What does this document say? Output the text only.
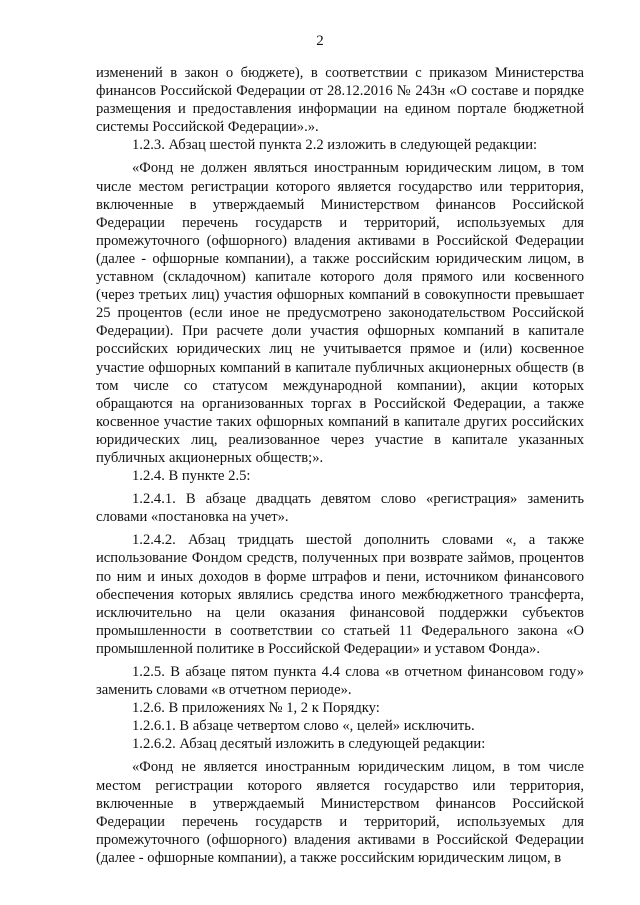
2

изменений в закон о бюджете), в соответствии с приказом Министерства финансов Российской Федерации от 28.12.2016 № 243н «О составе и порядке размещения и предоставления информации на едином портале бюджетной системы Российской Федерации».».

1.2.3. Абзац шестой пункта 2.2 изложить в следующей редакции:

«Фонд не должен являться иностранным юридическим лицом, в том числе местом регистрации которого является государство или территория, включенные в утверждаемый Министерством финансов Российской Федерации перечень государств и территорий, используемых для промежуточного (офшорного) владения активами в Российской Федерации (далее - офшорные компании), а также российским юридическим лицом, в уставном (складочном) капитале которого доля прямого или косвенного (через третьих лиц) участия офшорных компаний в совокупности превышает 25 процентов (если иное не предусмотрено законодательством Российской Федерации). При расчете доли участия офшорных компаний в капитале российских юридических лиц не учитывается прямое и (или) косвенное участие офшорных компаний в капитале публичных акционерных обществ (в том числе со статусом международной компании), акции которых обращаются на организованных торгах в Российской Федерации, а также косвенное участие таких офшорных компаний в капитале других российских юридических лиц, реализованное через участие в капитале указанных публичных акционерных обществ;».

1.2.4. В пункте 2.5:

1.2.4.1. В абзаце двадцать девятом слово «регистрация» заменить словами «постановка на учет».

1.2.4.2. Абзац тридцать шестой дополнить словами «, а также использование Фондом средств, полученных при возврате займов, процентов по ним и иных доходов в форме штрафов и пени, источником финансового обеспечения которых являлись средства иного межбюджетного трансферта, исключительно на цели оказания финансовой поддержки субъектов промышленности в соответствии со статьей 11 Федерального закона «О промышленной политике в Российской Федерации» и уставом Фонда».

1.2.5. В абзаце пятом пункта 4.4 слова «в отчетном финансовом году» заменить словами «в отчетном периоде».

1.2.6. В приложениях № 1, 2 к Порядку:

1.2.6.1. В абзаце четвертом слово «, целей» исключить.

1.2.6.2. Абзац десятый изложить в следующей редакции:

«Фонд не является иностранным юридическим лицом, в том числе местом регистрации которого является государство или территория, включенные в утверждаемый Министерством финансов Российской Федерации перечень государств и территорий, используемых для промежуточного (офшорного) владения активами в Российской Федерации (далее - офшорные компании), а также российским юридическим лицом, в
